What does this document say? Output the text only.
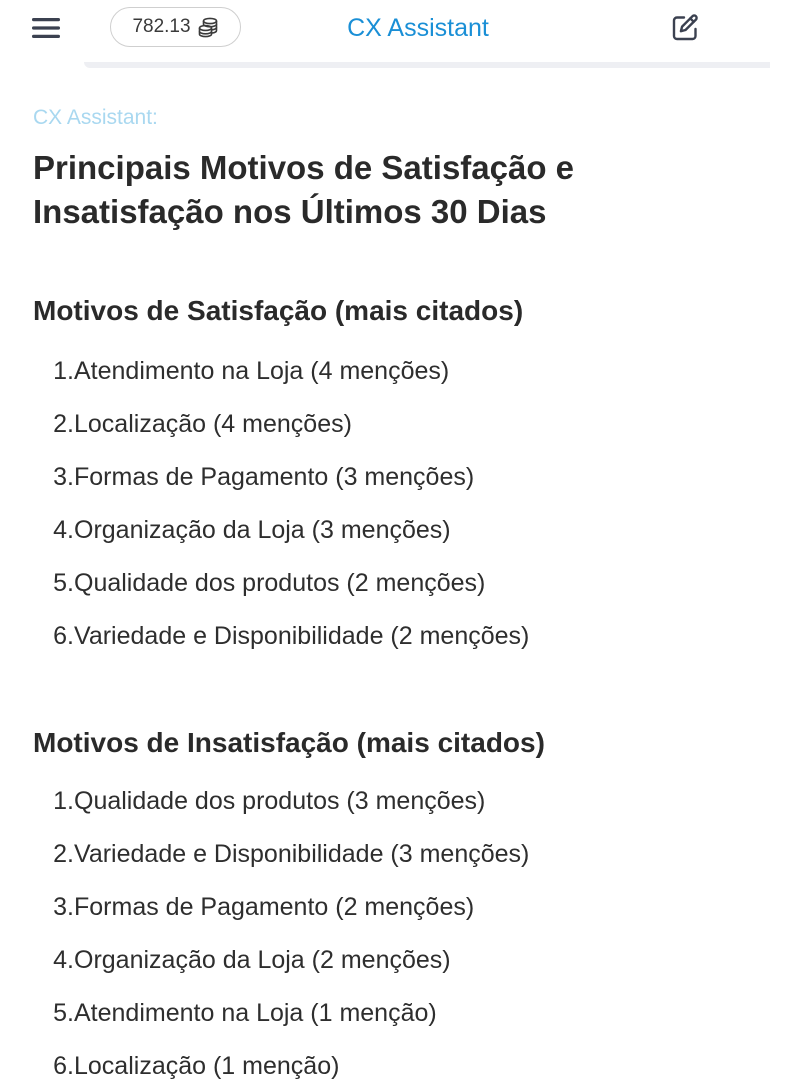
782.13	CX Assistant

CX Assistant:

Principais Motivos de Satisfação e Insatisfação nos Últimos 30 Dias
Motivos de Satisfação (mais citados)
1. Atendimento na Loja (4 menções)
2. Localização (4 menções)
3. Formas de Pagamento (3 menções)
4. Organização da Loja (3 menções)
5. Qualidade dos produtos (2 menções)
6. Variedade e Disponibilidade (2 menções)
Motivos de Insatisfação (mais citados)
1. Qualidade dos produtos (3 menções)
2. Variedade e Disponibilidade (3 menções)
3. Formas de Pagamento (2 menções)
4. Organização da Loja (2 menções)
5. Atendimento na Loja (1 menção)
6. Localização (1 menção)
